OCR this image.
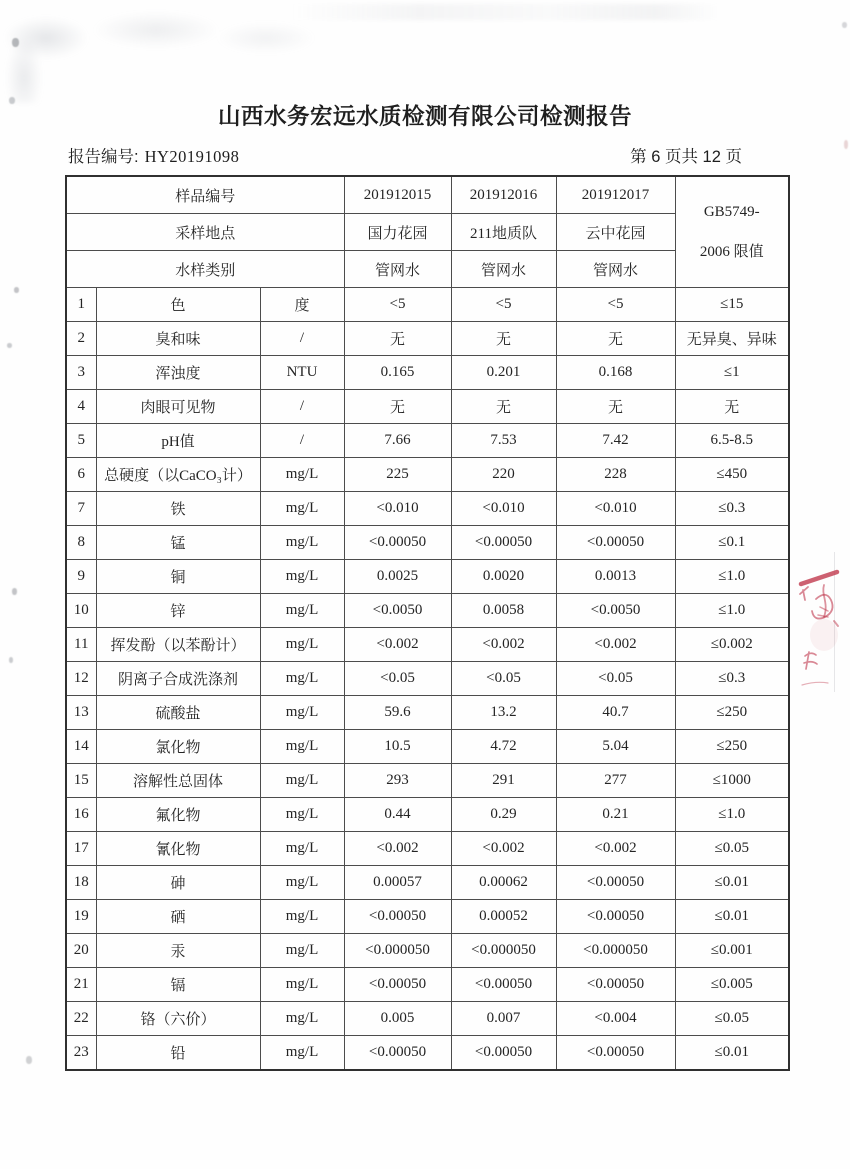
山西水务宏远水质检测有限公司检测报告
报告编号: HY20191098	第 6 页共 12 页
样品编号			201912015	201912016	201912017	GB5749-
2006 限值

采样地点			国力花园	211地质队	云中花园	
水样类别			管网水	管网水	管网水	
1	色	度	<5	<5	<5	≤15
2	臭和味	/	无	无	无	无异臭、异味
3	浑浊度	NTU	0.165	0.201	0.168	≤1
4	肉眼可见物	/	无	无	无	无
5	pH值	/	7.66	7.53	7.42	6.5-8.5
6	总硬度（以CaCO₃计）	mg/L	225	220	228	≤450
7	铁	mg/L	<0.010	<0.010	<0.010	≤0.3
8	锰	mg/L	<0.00050	<0.00050	<0.00050	≤0.1
9	铜	mg/L	0.0025	0.0020	0.0013	≤1.0
10	锌	mg/L	<0.0050	0.0058	<0.0050	≤1.0
11	挥发酚（以苯酚计）	mg/L	<0.002	<0.002	<0.002	≤0.002
12	阴离子合成洗涤剂	mg/L	<0.05	<0.05	<0.05	≤0.3
13	硫酸盐	mg/L	59.6	13.2	40.7	≤250
14	氯化物	mg/L	10.5	4.72	5.04	≤250
15	溶解性总固体	mg/L	293	291	277	≤1000
16	氟化物	mg/L	0.44	0.29	0.21	≤1.0
17	氰化物	mg/L	<0.002	<0.002	<0.002	≤0.05
18	砷	mg/L	0.00057	0.00062	<0.00050	≤0.01
19	硒	mg/L	<0.00050	0.00052	<0.00050	≤0.01
20	汞	mg/L	<0.000050	<0.000050	<0.000050	≤0.001
21	镉	mg/L	<0.00050	<0.00050	<0.00050	≤0.005
22	铬（六价）	mg/L	0.005	0.007	<0.004	≤0.05
23	铅	mg/L	<0.00050	<0.00050	<0.00050	≤0.01
